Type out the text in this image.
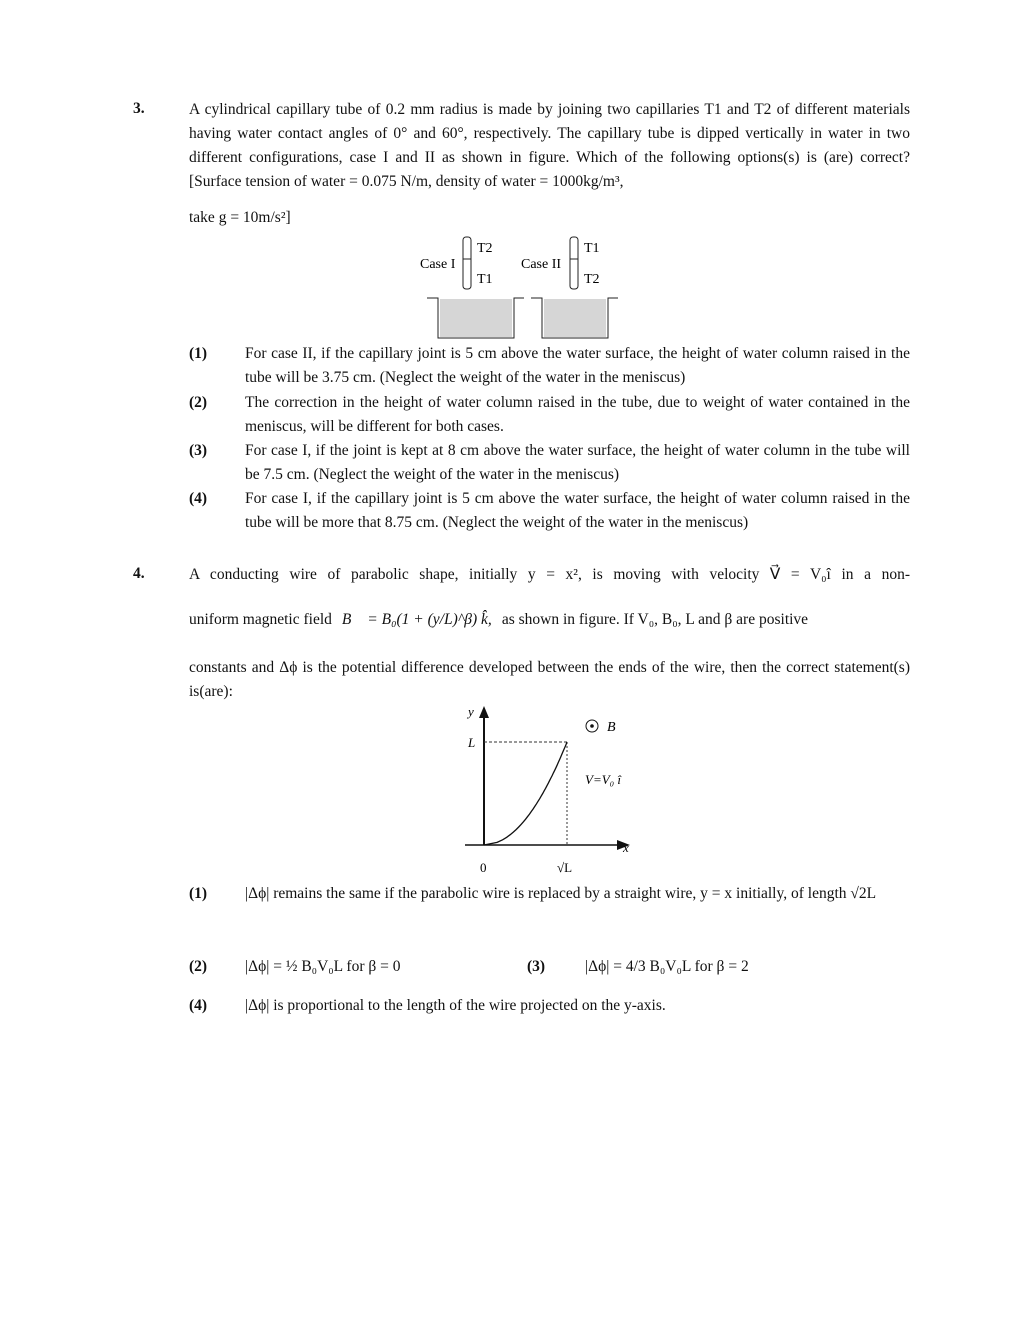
3.	A cylindrical capillary tube of 0.2 mm radius is made by joining two capillaries T1 and T2 of different materials having water contact angles of 0° and 60°, respectively. The capillary tube is dipped vertically in water in two different configurations, case I and II as shown in figure. Which of the following options(s) is (are) correct? [Surface tension of water = 0.075 N/m, density of water = 1000kg/m³,
take g = 10m/s²]
Case I
T2
T1
Case II
T1
T2
(1) For case II, if the capillary joint is 5 cm above the water surface, the height of water column raised in the tube will be 3.75 cm. (Neglect the weight of the water in the meniscus)
(2) The correction in the height of water column raised in the tube, due to weight of water contained in the meniscus, will be different for both cases.
(3) For case I, if the joint is kept at 8 cm above the water surface, the height of water column in the tube will be 7.5 cm. (Neglect the weight of the water in the meniscus)
(4) For case I, if the capillary joint is 5 cm above the water surface, the height of water column raised in the tube will be more that 8.75 cm. (Neglect the weight of the water in the meniscus)
4.	A conducting wire of parabolic shape, initially y = x², is moving with velocity V⃗ = V₀î in a non-
uniform magnetic field B⃗ = B₀(1 + (y/L)^β) k̂, as shown in figure. If V₀, B₀, L and β are positive
constants and Δϕ is the potential difference developed between the ends of the wire, then the correct statement(s) is(are):
y
x
L
0	√L
B
V=V₀ î
(1) |Δϕ| remains the same if the parabolic wire is replaced by a straight wire, y = x initially, of length √2L
(2) |Δϕ| = ½ B₀V₀L for β = 0	(3)	|Δϕ| = 4/3 B₀V₀L for β = 2
(4) |Δϕ| is proportional to the length of the wire projected on the y-axis.
